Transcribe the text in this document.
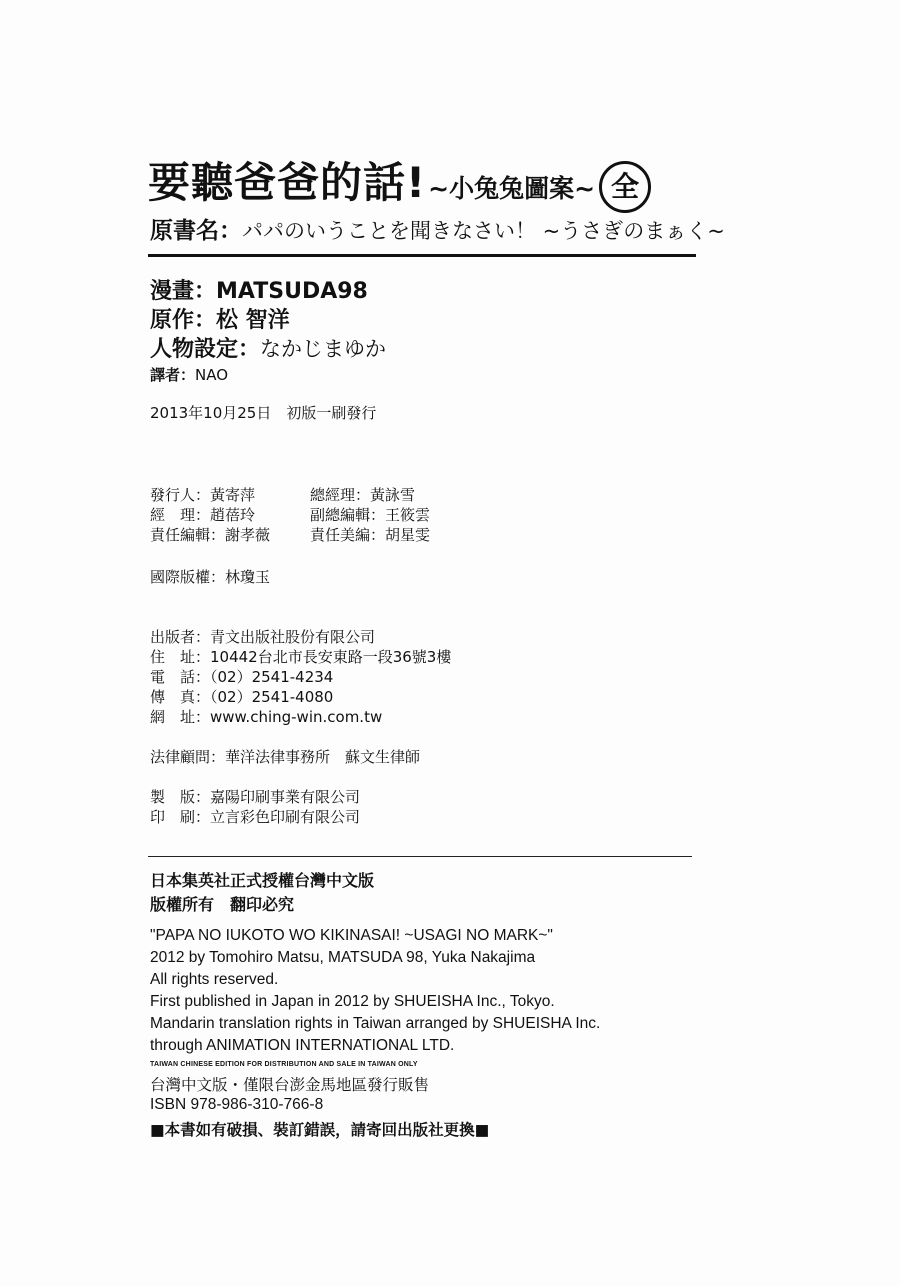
要聽爸爸的話!~小兔兔圖案~ 全
原書名：パパのいうことを聞きなさい！ ~うさぎのまぁく~
漫畫：MATSUDA98
原作：松 智洋
人物設定：なかじまゆか
譯者：NAO
2013年10月25日　初版一刷發行
發行人：黃寄萍	總經理：黃詠雪
經　理：趙蓓玲	副總編輯：王筱雲
責任編輯：謝孝薇	責任美編：胡星雯
國際版權：林瓊玉
出版者：青文出版社股份有限公司
住　址：10442台北市長安東路一段36號3樓
電　話：（02）2541-4234
傳　真：（02）2541-4080
網　址：www.ching-win.com.tw
法律顧問：華洋法律事務所　蘇文生律師
製　版：嘉陽印刷事業有限公司
印　刷：立言彩色印刷有限公司
日本集英社正式授權台灣中文版
版權所有　翻印必究
"PAPA NO IUKOTO WO KIKINASAI! ~USAGI NO MARK~"
2012 by Tomohiro Matsu, MATSUDA 98, Yuka Nakajima
All rights reserved.
First published in Japan in 2012 by SHUEISHA Inc., Tokyo.
Mandarin translation rights in Taiwan arranged by SHUEISHA Inc.
through ANIMATION INTERNATIONAL LTD.
TAIWAN CHINESE EDITION FOR DISTRIBUTION AND SALE IN TAIWAN ONLY
台灣中文版・僅限台澎金馬地區發行販售
ISBN 978-986-310-766-8
■本書如有破損、裝訂錯誤，請寄回出版社更換■
